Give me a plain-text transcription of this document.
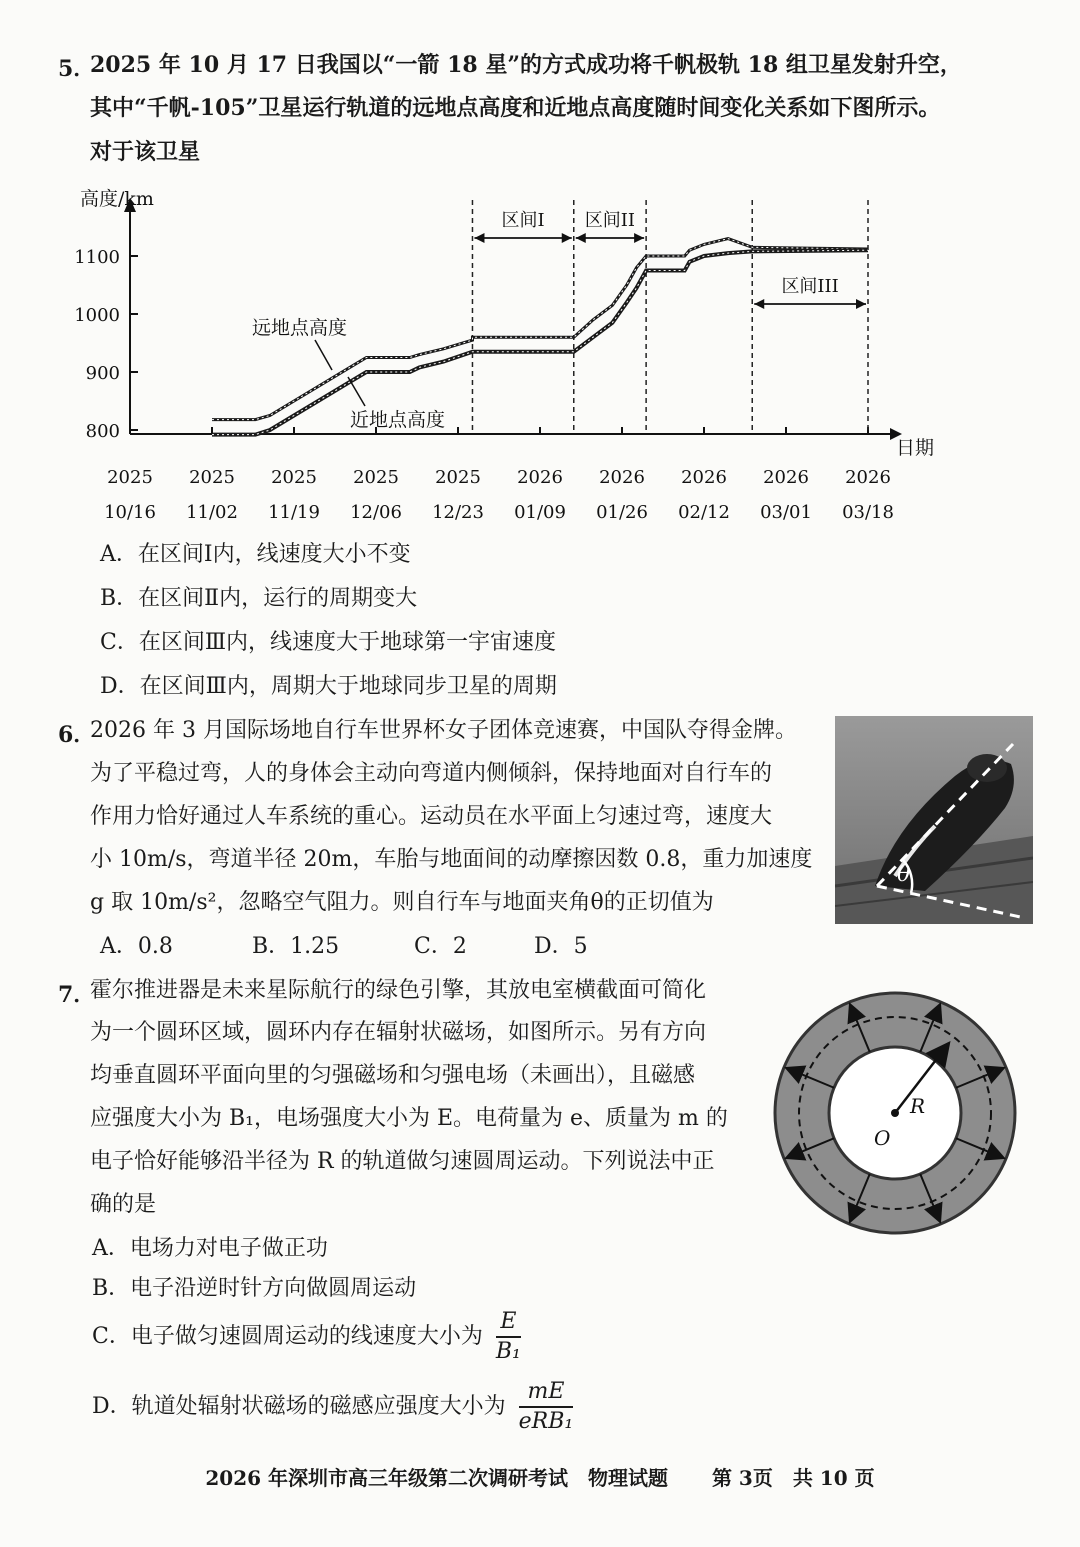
5．
2025 年 10 月 17 日我国以“一箭 18 星”的方式成功将千帆极轨 18 组卫星发射升空，
其中“千帆-105”卫星运行轨道的远地点高度和近地点高度随时间变化关系如下图所示。
对于该卫星
高度/km
日期
800
900
1000
1100
2025
10/16
2025
11/02
2025
11/19
2025
12/06
2025
12/23
2026
01/09
2026
01/26
2026
02/12
2026
03/01
2026
03/18
区间I 区间II
区间III
远地点高度
近地点高度
A．在区间Ⅰ内，线速度大小不变
B．在区间Ⅱ内，运行的周期变大
C．在区间Ⅲ内，线速度大于地球第一宇宙速度
D．在区间Ⅲ内，周期大于地球同步卫星的周期
6．
2026 年 3 月国际场地自行车世界杯女子团体竞速赛，中国队夺得金牌。
为了平稳过弯，人的身体会主动向弯道内侧倾斜，保持地面对自行车的
作用力恰好通过人车系统的重心。运动员在水平面上匀速过弯，速度大
小 10m/s，弯道半径 20m，车胎与地面间的动摩擦因数 0.8，重力加速度
g 取 10m/s²，忽略空气阻力。则自行车与地面夹角θ的正切值为
A．0.8	B．1.25	C．2	D．5
θ
7．
霍尔推进器是未来星际航行的绿色引擎，其放电室横截面可简化
为一个圆环区域，圆环内存在辐射状磁场，如图所示。另有方向
均垂直圆环平面向里的匀强磁场和匀强电场（未画出），且磁感
应强度大小为 B₁，电场强度大小为 E。电荷量为 e、质量为 m 的
电子恰好能够沿半径为 R 的轨道做匀速圆周运动。下列说法中正
确的是
A．电场力对电子做正功
B．电子沿逆时针方向做圆周运动
C．电子做匀速圆周运动的线速度大小为 $\frac{E}{\text{B₁}}$
D．轨道处辐射状磁场的磁感应强度大小为 $\frac{mE}{\text{eRB₁}}$
R
O
2026 年深圳市高三年级第二次调研考试　物理试题 第 3页　共 10 页
